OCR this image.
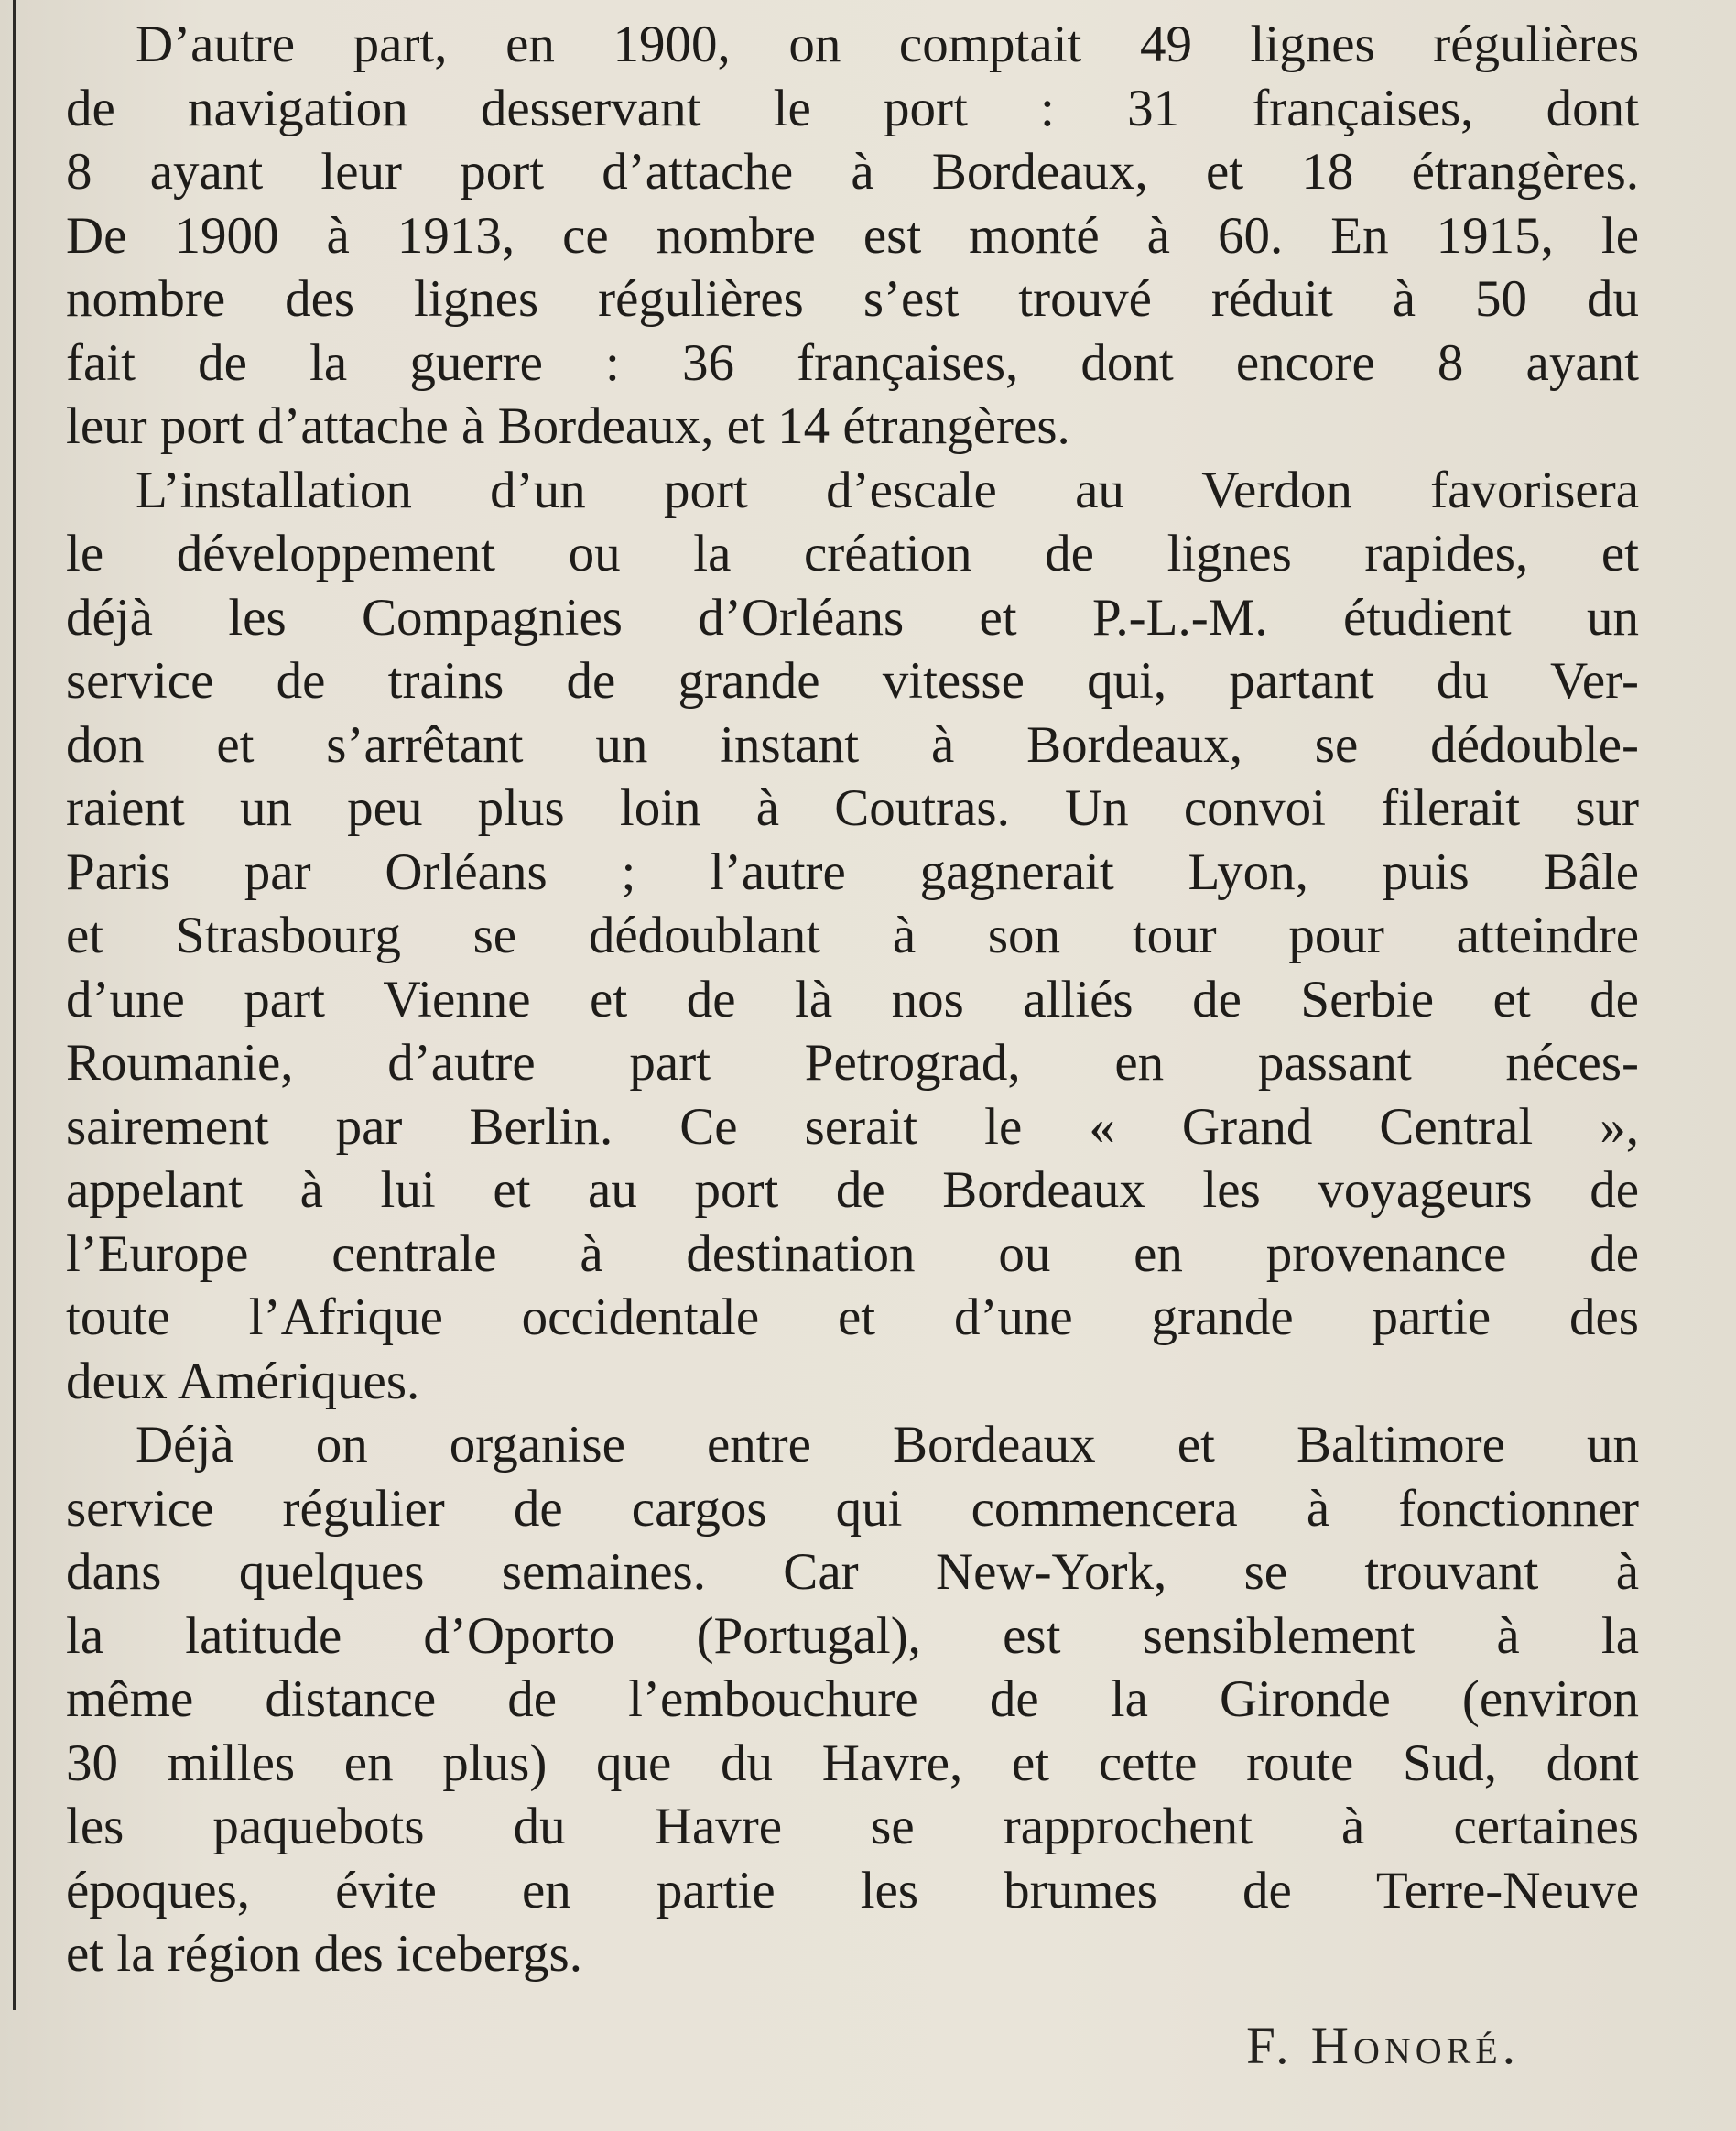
D’autre part, en 1900, on comptait 49 lignes régulières
de navigation desservant le port : 31 françaises, dont
8 ayant leur port d’attache à Bordeaux, et 18 étrangères.
De 1900 à 1913, ce nombre est monté à 60. En 1915, le
nombre des lignes régulières s’est trouvé réduit à 50 du
fait de la guerre : 36 françaises, dont encore 8 ayant
leur port d’attache à Bordeaux, et 14 étrangères.
L’installation d’un port d’escale au Verdon favorisera
le développement ou la création de lignes rapides, et
déjà les Compagnies d’Orléans et P.-L.-M. étudient un
service de trains de grande vitesse qui, partant du Ver-
don et s’arrêtant un instant à Bordeaux, se dédouble-
raient un peu plus loin à Coutras. Un convoi filerait sur
Paris par Orléans ; l’autre gagnerait Lyon, puis Bâle
et Strasbourg se dédoublant à son tour pour atteindre
d’une part Vienne et de là nos alliés de Serbie et de
Roumanie, d’autre part Petrograd, en passant néces-
sairement par Berlin. Ce serait le « Grand Central »,
appelant à lui et au port de Bordeaux les voyageurs de
l’Europe centrale à destination ou en provenance de
toute l’Afrique occidentale et d’une grande partie des
deux Amériques.
Déjà on organise entre Bordeaux et Baltimore un
service régulier de cargos qui commencera à fonctionner
dans quelques semaines. Car New-York, se trouvant à
la latitude d’Oporto (Portugal), est sensiblement à la
même distance de l’embouchure de la Gironde (environ
30 milles en plus) que du Havre, et cette route Sud, dont
les paquebots du Havre se rapprochent à certaines
époques, évite en partie les brumes de Terre-Neuve
et la région des icebergs.
F. Honoré.
